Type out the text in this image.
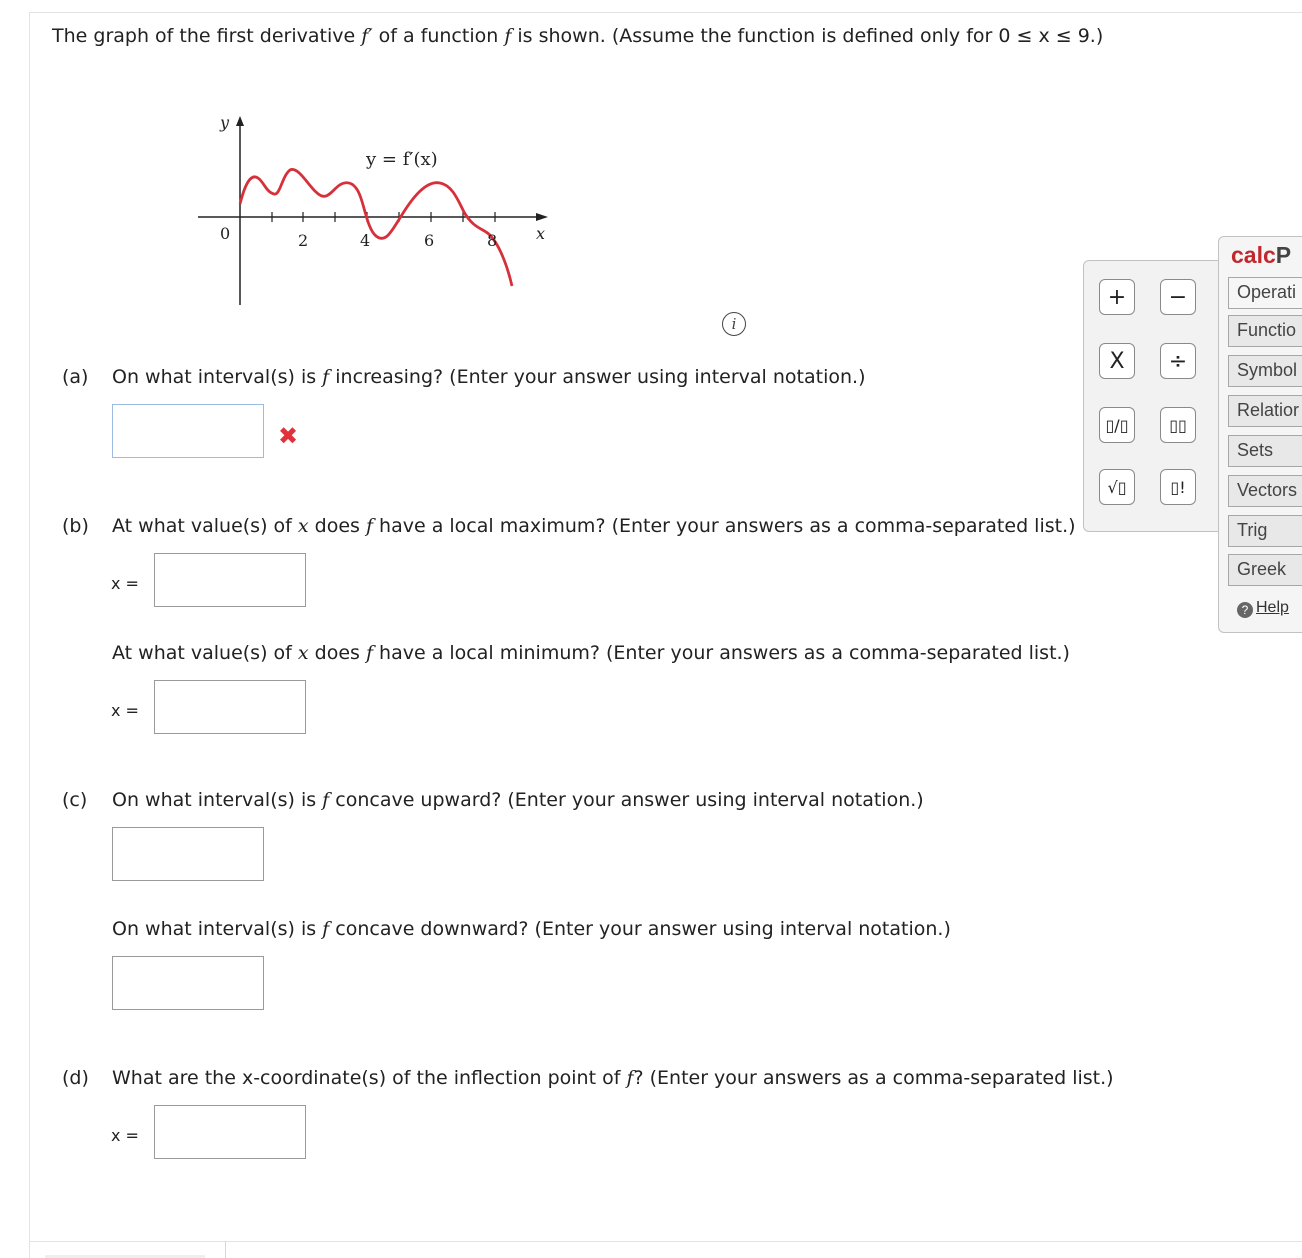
The graph of the first derivative f′ of a function f is shown. (Assume the function is defined only for 0 ≤ x ≤ 9.)
y
x
y = f′(x)
0	2	4	6	8
i
(a) On what interval(s) is f increasing? (Enter your answer using interval notation.)
✖
(b) At what value(s) of x does f have a local maximum? (Enter your answers as a comma-separated list.)
x =
At what value(s) of x does f have a local minimum? (Enter your answers as a comma-separated list.)
x =
(c) On what interval(s) is f concave upward? (Enter your answer using interval notation.)
On what interval(s) is f concave downward? (Enter your answer using interval notation.)
(d) What are the x-coordinate(s) of the inflection point of f? (Enter your answers as a comma-separated list.)
x =
+	−
X	÷
▯/▯	▯▯
√▯	▯!
calcP
Operati
Functio
Symbol
Relatior
Sets
Vectors
Trig
Greek
? Help
